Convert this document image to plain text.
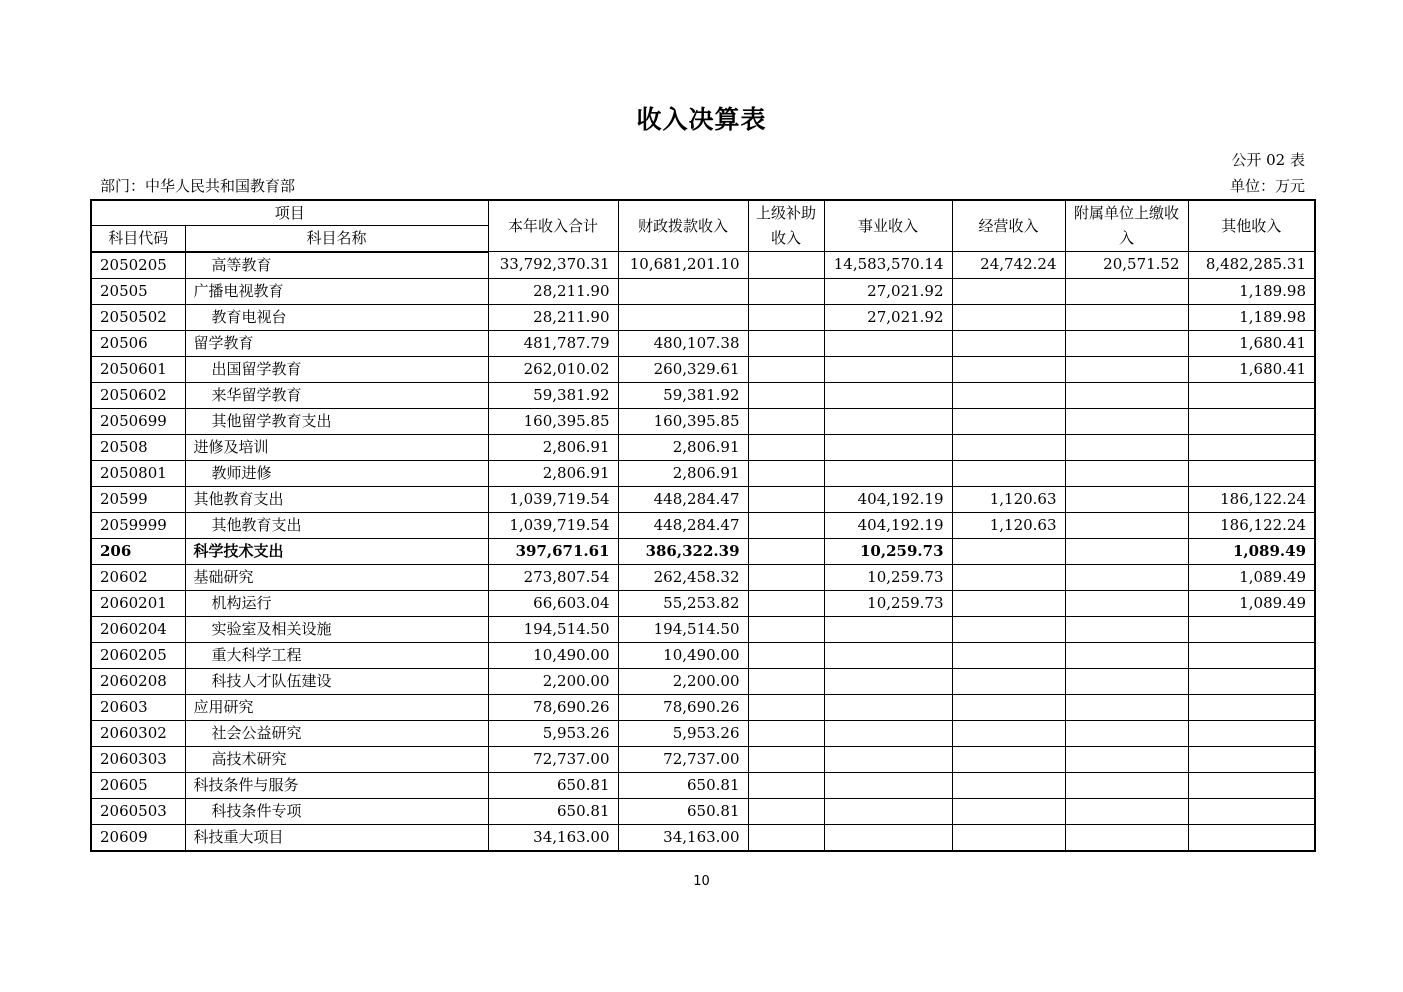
收入决算表
公开 02 表
部门：中华人民共和国教育部	单位：万元
项目		本年收入合计	财政拨款收入	上级补助收入	事业收入	经营收入	附属单位上缴收入	其他收入
科目代码	科目名称							
2050205	高等教育	33,792,370.31	10,681,201.10		14,583,570.14	24,742.24	20,571.52	8,482,285.31
20505	广播电视教育	28,211.90			27,021.92			1,189.98
2050502	教育电视台	28,211.90			27,021.92			1,189.98
20506	留学教育	481,787.79	480,107.38					1,680.41
2050601	出国留学教育	262,010.02	260,329.61					1,680.41
2050602	来华留学教育	59,381.92	59,381.92					
2050699	其他留学教育支出	160,395.85	160,395.85					
20508	进修及培训	2,806.91	2,806.91					
2050801	教师进修	2,806.91	2,806.91					
20599	其他教育支出	1,039,719.54	448,284.47		404,192.19	1,120.63		186,122.24
2059999	其他教育支出	1,039,719.54	448,284.47		404,192.19	1,120.63		186,122.24
206	科学技术支出	397,671.61	386,322.39		10,259.73			1,089.49
20602	基础研究	273,807.54	262,458.32		10,259.73			1,089.49
2060201	机构运行	66,603.04	55,253.82		10,259.73			1,089.49
2060204	实验室及相关设施	194,514.50	194,514.50					
2060205	重大科学工程	10,490.00	10,490.00					
2060208	科技人才队伍建设	2,200.00	2,200.00					
20603	应用研究	78,690.26	78,690.26					
2060302	社会公益研究	5,953.26	5,953.26					
2060303	高技术研究	72,737.00	72,737.00					
20605	科技条件与服务	650.81	650.81					
2060503	科技条件专项	650.81	650.81					
20609	科技重大项目	34,163.00	34,163.00					
10
